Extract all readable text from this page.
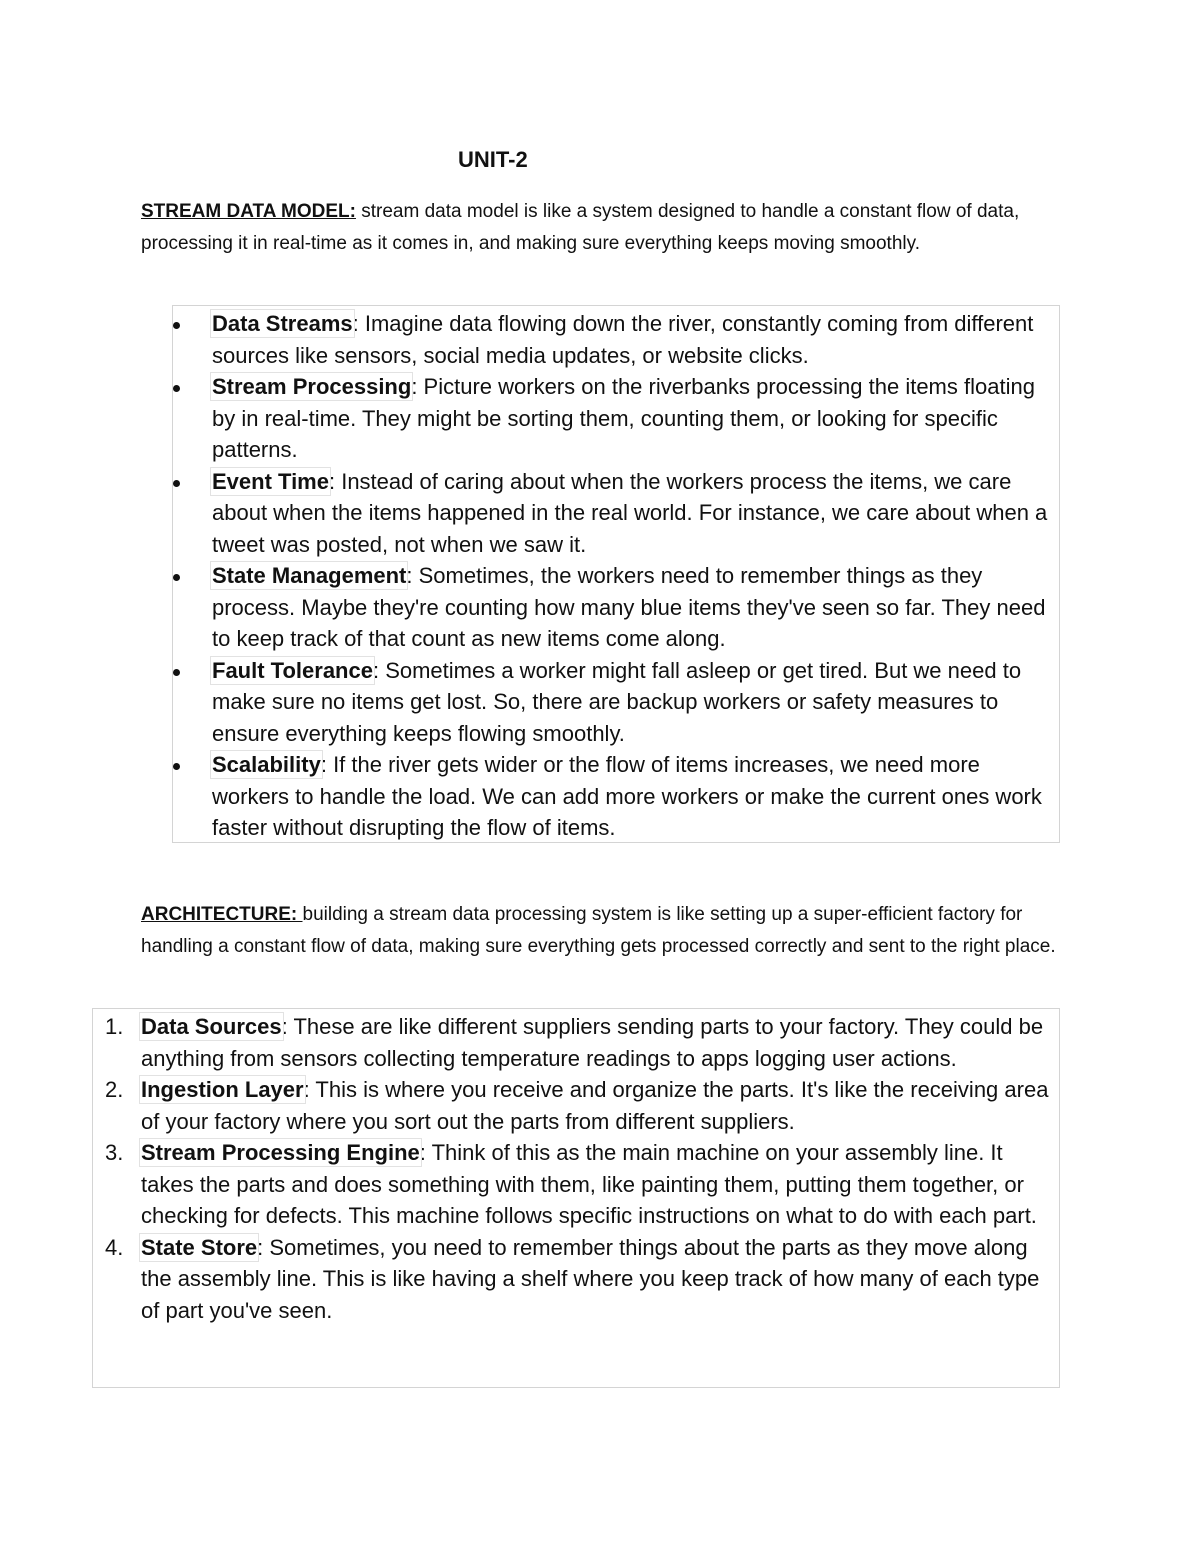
UNIT-2

STREAM DATA MODEL: stream data model is like a system designed to handle a constant flow of data, processing it in real-time as it comes in, and making sure everything keeps moving smoothly.

Data Streams: Imagine data flowing down the river, constantly coming from different sources like sensors, social media updates, or website clicks.
Stream Processing: Picture workers on the riverbanks processing the items floating by in real-time. They might be sorting them, counting them, or looking for specific patterns.
Event Time: Instead of caring about when the workers process the items, we care about when the items happened in the real world. For instance, we care about when a tweet was posted, not when we saw it.
State Management: Sometimes, the workers need to remember things as they process. Maybe they're counting how many blue items they've seen so far. They need to keep track of that count as new items come along.
Fault Tolerance: Sometimes a worker might fall asleep or get tired. But we need to make sure no items get lost. So, there are backup workers or safety measures to ensure everything keeps flowing smoothly.
Scalability: If the river gets wider or the flow of items increases, we need more workers to handle the load. We can add more workers or make the current ones work faster without disrupting the flow of items.

ARCHITECTURE: building a stream data processing system is like setting up a super-efficient factory for handling a constant flow of data, making sure everything gets processed correctly and sent to the right place.

1. Data Sources: These are like different suppliers sending parts to your factory. They could be anything from sensors collecting temperature readings to apps logging user actions.
2. Ingestion Layer: This is where you receive and organize the parts. It's like the receiving area of your factory where you sort out the parts from different suppliers.
3. Stream Processing Engine: Think of this as the main machine on your assembly line. It takes the parts and does something with them, like painting them, putting them together, or checking for defects. This machine follows specific instructions on what to do with each part.
4. State Store: Sometimes, you need to remember things about the parts as they move along the assembly line. This is like having a shelf where you keep track of how many of each type of part you've seen.
